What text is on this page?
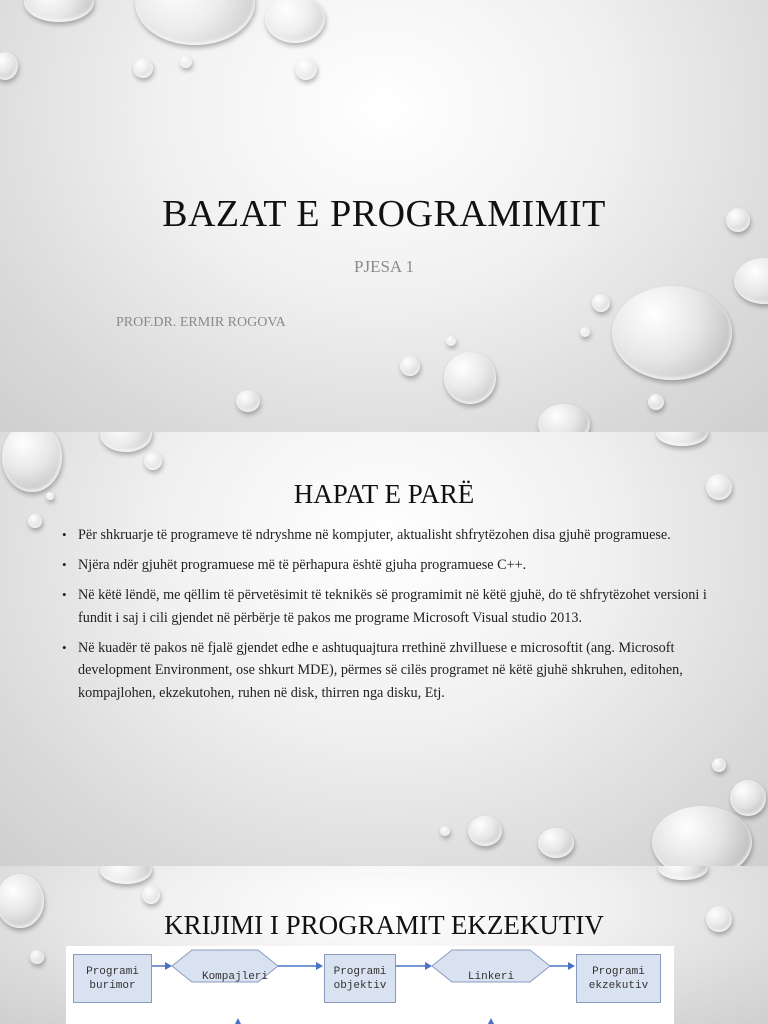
BAZAT E PROGRAMIMIT
PJESA 1
PROF.DR. ERMIR ROGOVA
HAPAT E PARË
• Për shkruarje të programeve të ndryshme në kompjuter, aktualisht shfrytëzohen disa gjuhë programuese.
• Njëra ndër gjuhët programuese më të përhapura është gjuha programuese C++.
• Në këtë lëndë, me qëllim të përvetësimit të teknikës së programimit në këtë gjuhë, do të shfrytëzohet versioni i fundit i saj i cili gjendet në përbërje të pakos me programe Microsoft Visual studio 2013.
• Në kuadër të pakos në fjalë gjendet edhe e ashtuquajtura rrethinë zhvilluese e microsoftit (ang. Microsoft development Environment, ose shkurt MDE), përmes së cilës programet në këtë gjuhë shkruhen, editohen, kompajlohen, ekzekutohen, ruhen në disk, thirren nga disku, Etj.
KRIJIMI I PROGRAMIT EKZEKUTIV
Programi
burimor
Kompajleri	Programi
objektiv
Linkeri	Programi
ekzekutiv
